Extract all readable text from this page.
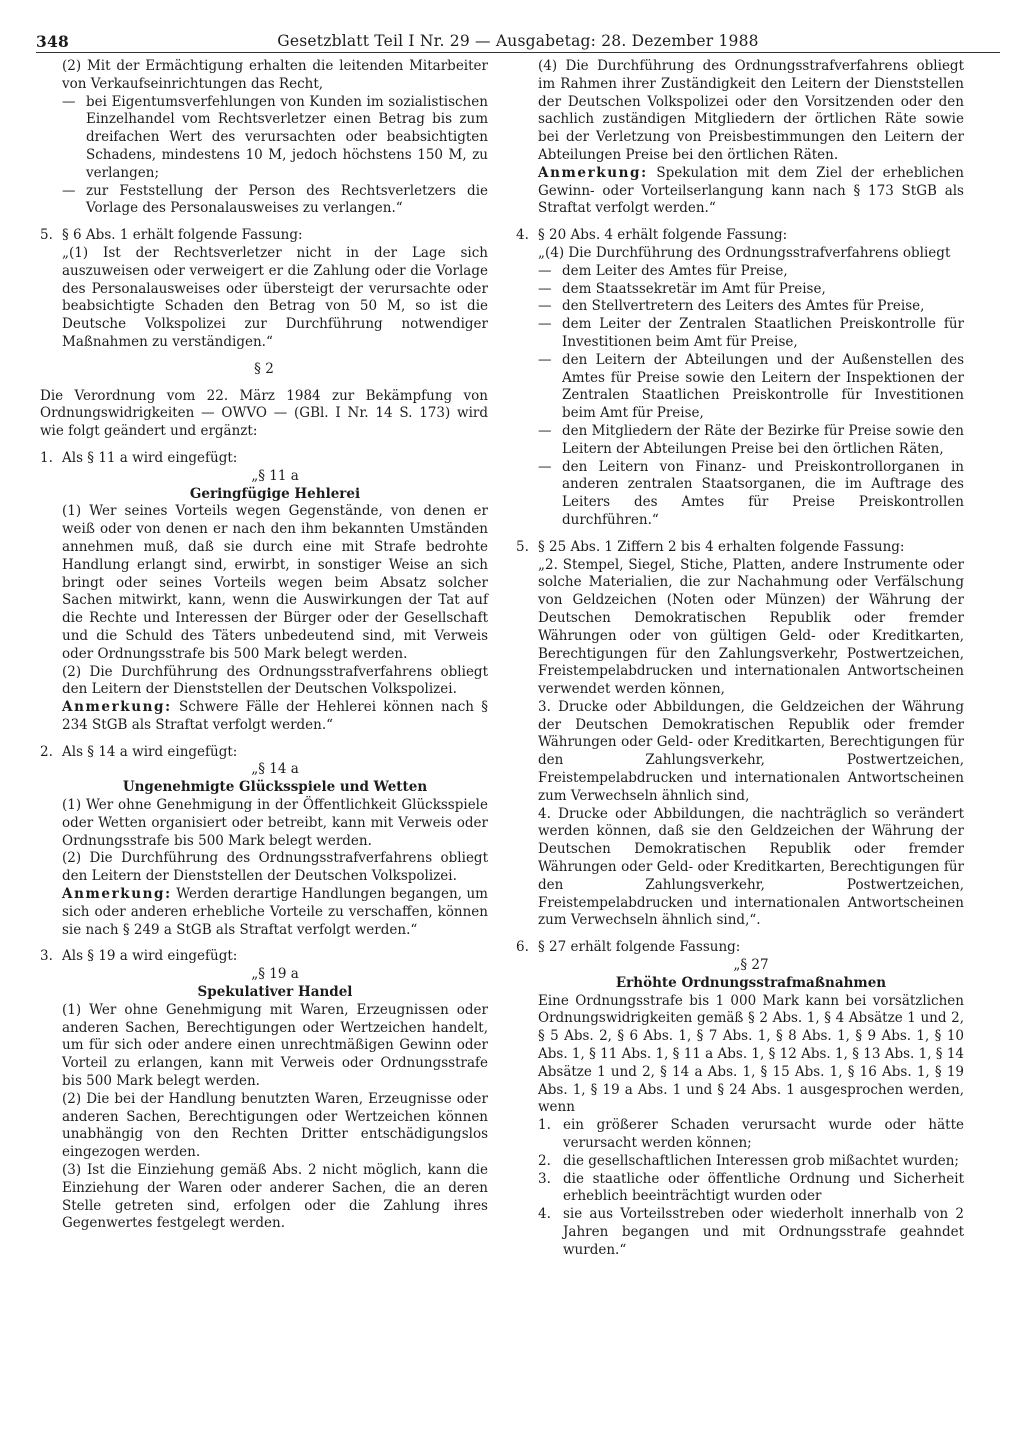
348	Gesetzblatt Teil I Nr. 29 — Ausgabetag: 28. Dezember 1988

(2) Mit der Ermächtigung erhalten die leitenden Mitarbeiter von Verkaufseinrichtungen das Recht,

— bei Eigentumsverfehlungen von Kunden im sozialistischen Einzelhandel vom Rechtsverletzer einen Betrag bis zum dreifachen Wert des verursachten oder beabsichtigten Schadens, mindestens 10 M, jedoch höchstens 150 M, zu verlangen;
— zur Feststellung der Person des Rechtsverletzers die Vorlage des Personalausweises zu verlangen.“
5. § 6 Abs. 1 erhält folgende Fassung:

„(1) Ist der Rechtsverletzer nicht in der Lage sich auszuweisen oder verweigert er die Zahlung oder die Vorlage des Personalausweises oder übersteigt der verursachte oder beabsichtigte Schaden den Betrag von 50 M, so ist die Deutsche Volkspolizei zur Durchführung notwendiger Maßnahmen zu verständigen.“

§ 2

Die Verordnung vom 22. März 1984 zur Bekämpfung von Ordnungswidrigkeiten — OWVO — (GBl. I Nr. 14 S. 173) wird wie folgt geändert und ergänzt:

1. Als § 11 a wird eingefügt:
„§ 11 a
Geringfügige Hehlerei

(1) Wer seines Vorteils wegen Gegenstände, von denen er weiß oder von denen er nach den ihm bekannten Umständen annehmen muß, daß sie durch eine mit Strafe bedrohte Handlung erlangt sind, erwirbt, in sonstiger Weise an sich bringt oder seines Vorteils wegen beim Absatz solcher Sachen mitwirkt, kann, wenn die Auswirkungen der Tat auf die Rechte und Interessen der Bürger oder der Gesellschaft und die Schuld des Täters unbedeutend sind, mit Verweis oder Ordnungsstrafe bis 500 Mark belegt werden.

(2) Die Durchführung des Ordnungsstrafverfahrens obliegt den Leitern der Dienststellen der Deutschen Volkspolizei.

Anmerkung: Schwere Fälle der Hehlerei können nach § 234 StGB als Straftat verfolgt werden.“

2. Als § 14 a wird eingefügt:
„§ 14 a
Ungenehmigte Glücksspiele und Wetten

(1) Wer ohne Genehmigung in der Öffentlichkeit Glücksspiele oder Wetten organisiert oder betreibt, kann mit Verweis oder Ordnungsstrafe bis 500 Mark belegt werden.

(2) Die Durchführung des Ordnungsstrafverfahrens obliegt den Leitern der Dienststellen der Deutschen Volkspolizei.

Anmerkung: Werden derartige Handlungen begangen, um sich oder anderen erhebliche Vorteile zu verschaffen, können sie nach § 249 a StGB als Straftat verfolgt werden.“

3. Als § 19 a wird eingefügt:
„§ 19 a
Spekulativer Handel

(1) Wer ohne Genehmigung mit Waren, Erzeugnissen oder anderen Sachen, Berechtigungen oder Wertzeichen handelt, um für sich oder andere einen unrechtmäßigen Gewinn oder Vorteil zu erlangen, kann mit Verweis oder Ordnungsstrafe bis 500 Mark belegt werden.

(2) Die bei der Handlung benutzten Waren, Erzeugnisse oder anderen Sachen, Berechtigungen oder Wertzeichen können unabhängig von den Rechten Dritter entschädigungslos eingezogen werden.

(3) Ist die Einziehung gemäß Abs. 2 nicht möglich, kann die Einziehung der Waren oder anderer Sachen, die an deren Stelle getreten sind, erfolgen oder die Zahlung ihres Gegenwertes festgelegt werden.

(4) Die Durchführung des Ordnungsstrafverfahrens obliegt im Rahmen ihrer Zuständigkeit den Leitern der Dienststellen der Deutschen Volkspolizei oder den Vorsitzenden oder den sachlich zuständigen Mitgliedern der örtlichen Räte sowie bei der Verletzung von Preisbestimmungen den Leitern der Abteilungen Preise bei den örtlichen Räten.

Anmerkung: Spekulation mit dem Ziel der erheblichen Gewinn- oder Vorteilserlangung kann nach § 173 StGB als Straftat verfolgt werden.“

4. § 20 Abs. 4 erhält folgende Fassung:

„(4) Die Durchführung des Ordnungsstrafverfahrens obliegt

— dem Leiter des Amtes für Preise,
— dem Staatssekretär im Amt für Preise,
— den Stellvertretern des Leiters des Amtes für Preise,
— dem Leiter der Zentralen Staatlichen Preiskontrolle für Investitionen beim Amt für Preise,
— den Leitern der Abteilungen und der Außenstellen des Amtes für Preise sowie den Leitern der Inspektionen der Zentralen Staatlichen Preiskontrolle für Investitionen beim Amt für Preise,
— den Mitgliedern der Räte der Bezirke für Preise sowie den Leitern der Abteilungen Preise bei den örtlichen Räten,
— den Leitern von Finanz- und Preiskontrollorganen in anderen zentralen Staatsorganen, die im Auftrage des Leiters des Amtes für Preise Preiskontrollen durchführen.“
5. § 25 Abs. 1 Ziffern 2 bis 4 erhalten folgende Fassung:

„2. Stempel, Siegel, Stiche, Platten, andere Instrumente oder solche Materialien, die zur Nachahmung oder Verfälschung von Geldzeichen (Noten oder Münzen) der Währung der Deutschen Demokratischen Republik oder fremder Währungen oder von gültigen Geld- oder Kreditkarten, Berechtigungen für den Zahlungsverkehr, Postwertzeichen, Freistempelabdrucken und internationalen Antwortscheinen verwendet werden können,

3. Drucke oder Abbildungen, die Geldzeichen der Währung der Deutschen Demokratischen Republik oder fremder Währungen oder Geld- oder Kreditkarten, Berechtigungen für den Zahlungsverkehr, Postwertzeichen, Freistempelabdrucken und internationalen Antwortscheinen zum Verwechseln ähnlich sind,

4. Drucke oder Abbildungen, die nachträglich so verändert werden können, daß sie den Geldzeichen der Währung der Deutschen Demokratischen Republik oder fremder Währungen oder Geld- oder Kreditkarten, Berechtigungen für den Zahlungsverkehr, Postwertzeichen, Freistempelabdrucken und internationalen Antwortscheinen zum Verwechseln ähnlich sind,“.

6. § 27 erhält folgende Fassung:
„§ 27
Erhöhte Ordnungsstrafmaßnahmen

Eine Ordnungsstrafe bis 1 000 Mark kann bei vorsätzlichen Ordnungswidrigkeiten gemäß § 2 Abs. 1, § 4 Absätze 1 und 2, § 5 Abs. 2, § 6 Abs. 1, § 7 Abs. 1, § 8 Abs. 1, § 9 Abs. 1, § 10 Abs. 1, § 11 Abs. 1, § 11 a Abs. 1, § 12 Abs. 1, § 13 Abs. 1, § 14 Absätze 1 und 2, § 14 a Abs. 1, § 15 Abs. 1, § 16 Abs. 1, § 19 Abs. 1, § 19 a Abs. 1 und § 24 Abs. 1 ausgesprochen werden, wenn

1. ein größerer Schaden verursacht wurde oder hätte verursacht werden können;
2. die gesellschaftlichen Interessen grob mißachtet wurden;
3. die staatliche oder öffentliche Ordnung und Sicherheit erheblich beeinträchtigt wurden oder
4. sie aus Vorteilsstreben oder wiederholt innerhalb von 2 Jahren begangen und mit Ordnungsstrafe geahndet wurden.“
